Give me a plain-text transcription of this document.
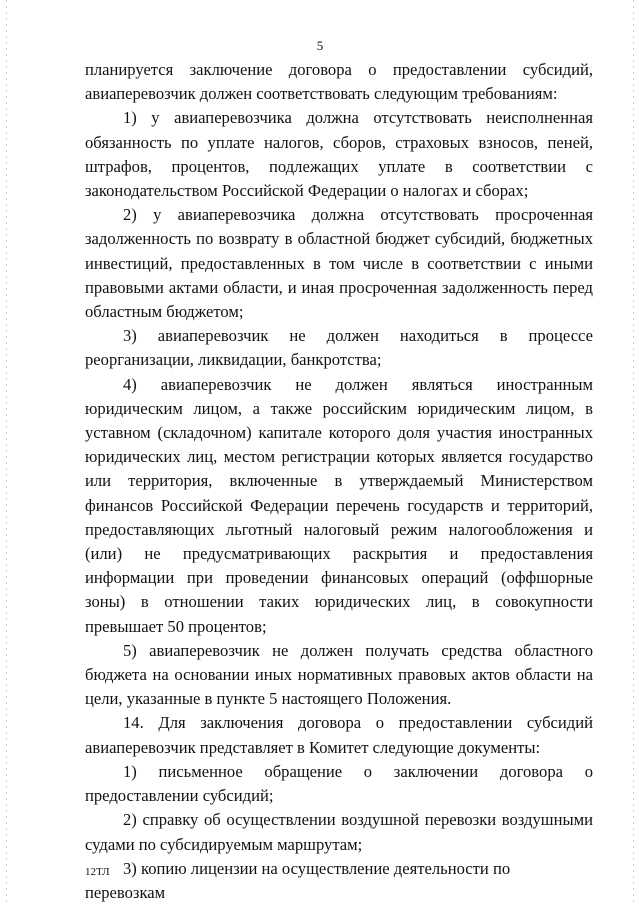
5

планируется заключение договора о предоставлении субсидий, авиаперевозчик должен соответствовать следующим требованиям:

1) у авиаперевозчика должна отсутствовать неисполненная обязанность по уплате налогов, сборов, страховых взносов, пеней, штрафов, процентов, подлежащих уплате в соответствии с законодательством Российской Федерации о налогах и сборах;

2) у авиаперевозчика должна отсутствовать просроченная задолженность по возврату в областной бюджет субсидий, бюджетных инвестиций, предоставленных в том числе в соответствии с иными правовыми актами области, и иная просроченная задолженность перед областным бюджетом;

3) авиаперевозчик не должен находиться в процессе реорганизации, ликвидации, банкротства;

4) авиаперевозчик не должен являться иностранным юридическим лицом, а также российским юридическим лицом, в уставном (складочном) капитале которого доля участия иностранных юридических лиц, местом регистрации которых является государство или территория, включенные в утверждаемый Министерством финансов Российской Федерации перечень государств и территорий, предоставляющих льготный налоговый режим налогообложения и (или) не предусматривающих раскрытия и предоставления информации при проведении финансовых операций (оффшорные зоны) в отношении таких юридических лиц, в совокупности превышает 50 процентов;

5) авиаперевозчик не должен получать средства областного бюджета на основании иных нормативных правовых актов области на цели, указанные в пункте 5 настоящего Положения.

14. Для заключения договора о предоставлении субсидий авиаперевозчик представляет в Комитет следующие документы:

1) письменное обращение о заключении договора о предоставлении субсидий;

2) справку об осуществлении воздушной перевозки воздушными судами по субсидируемым маршрутам;

3) копию лицензии на осуществление деятельности по перевозкам

12ТЛ
